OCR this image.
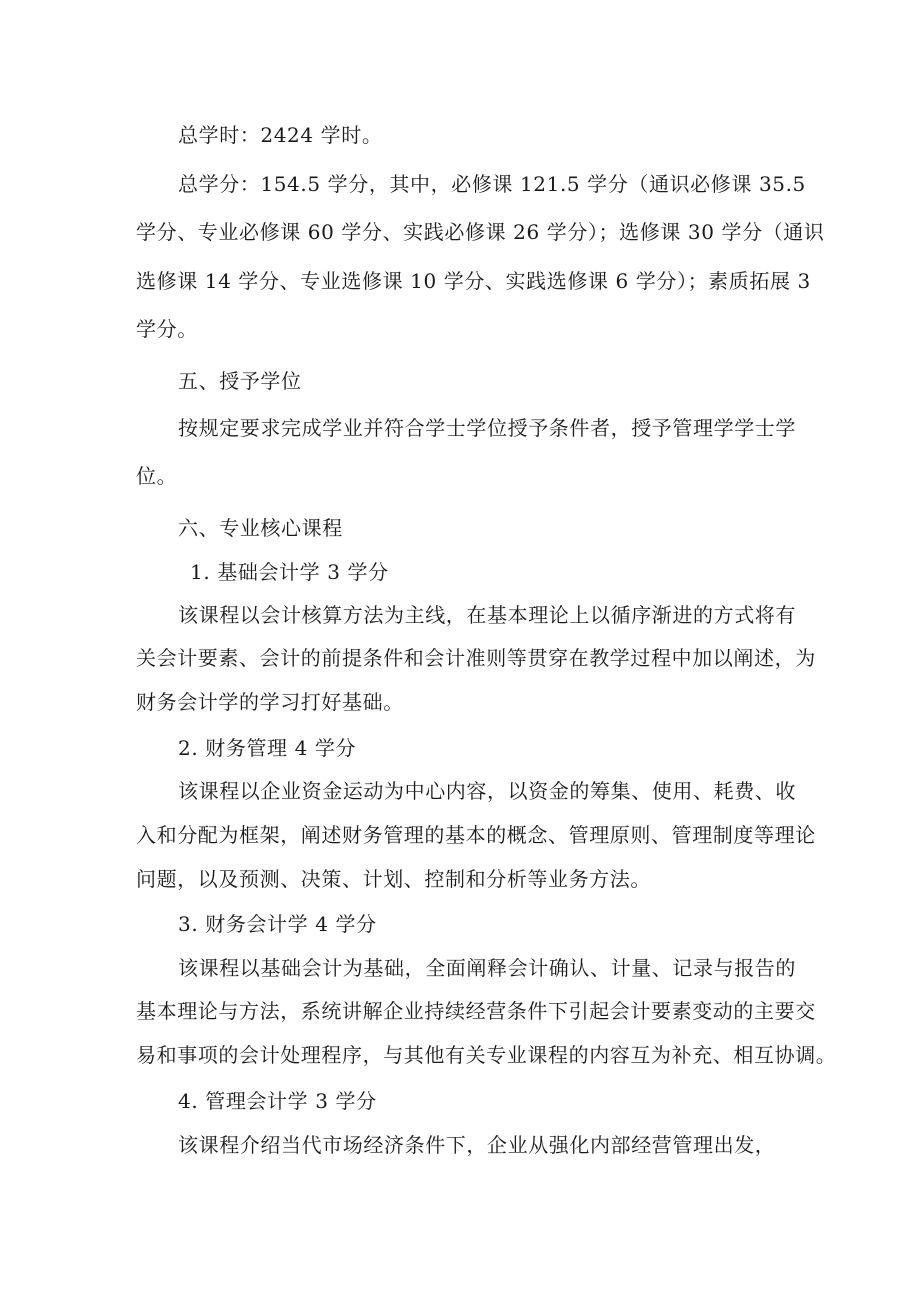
总学时：2424 学时。
总学分：154.5 学分，其中，必修课 121.5 学分（通识必修课 35.5
学分、专业必修课 60 学分、实践必修课 26 学分）；选修课 30 学分（通识
选修课 14 学分、专业选修课 10 学分、实践选修课 6 学分）；素质拓展 3
学分。
五、授予学位
按规定要求完成学业并符合学士学位授予条件者，授予管理学学士学
位。
六、专业核心课程
1. 基础会计学 3 学分
该课程以会计核算方法为主线，在基本理论上以循序渐进的方式将有
关会计要素、会计的前提条件和会计准则等贯穿在教学过程中加以阐述，为
财务会计学的学习打好基础。
2. 财务管理 4 学分
该课程以企业资金运动为中心内容，以资金的筹集、使用、耗费、收
入和分配为框架，阐述财务管理的基本的概念、管理原则、管理制度等理论
问题，以及预测、决策、计划、控制和分析等业务方法。
3. 财务会计学 4 学分
该课程以基础会计为基础，全面阐释会计确认、计量、记录与报告的
基本理论与方法，系统讲解企业持续经营条件下引起会计要素变动的主要交
易和事项的会计处理程序，与其他有关专业课程的内容互为补充、相互协调。
4. 管理会计学 3 学分
该课程介绍当代市场经济条件下，企业从强化内部经营管理出发，
